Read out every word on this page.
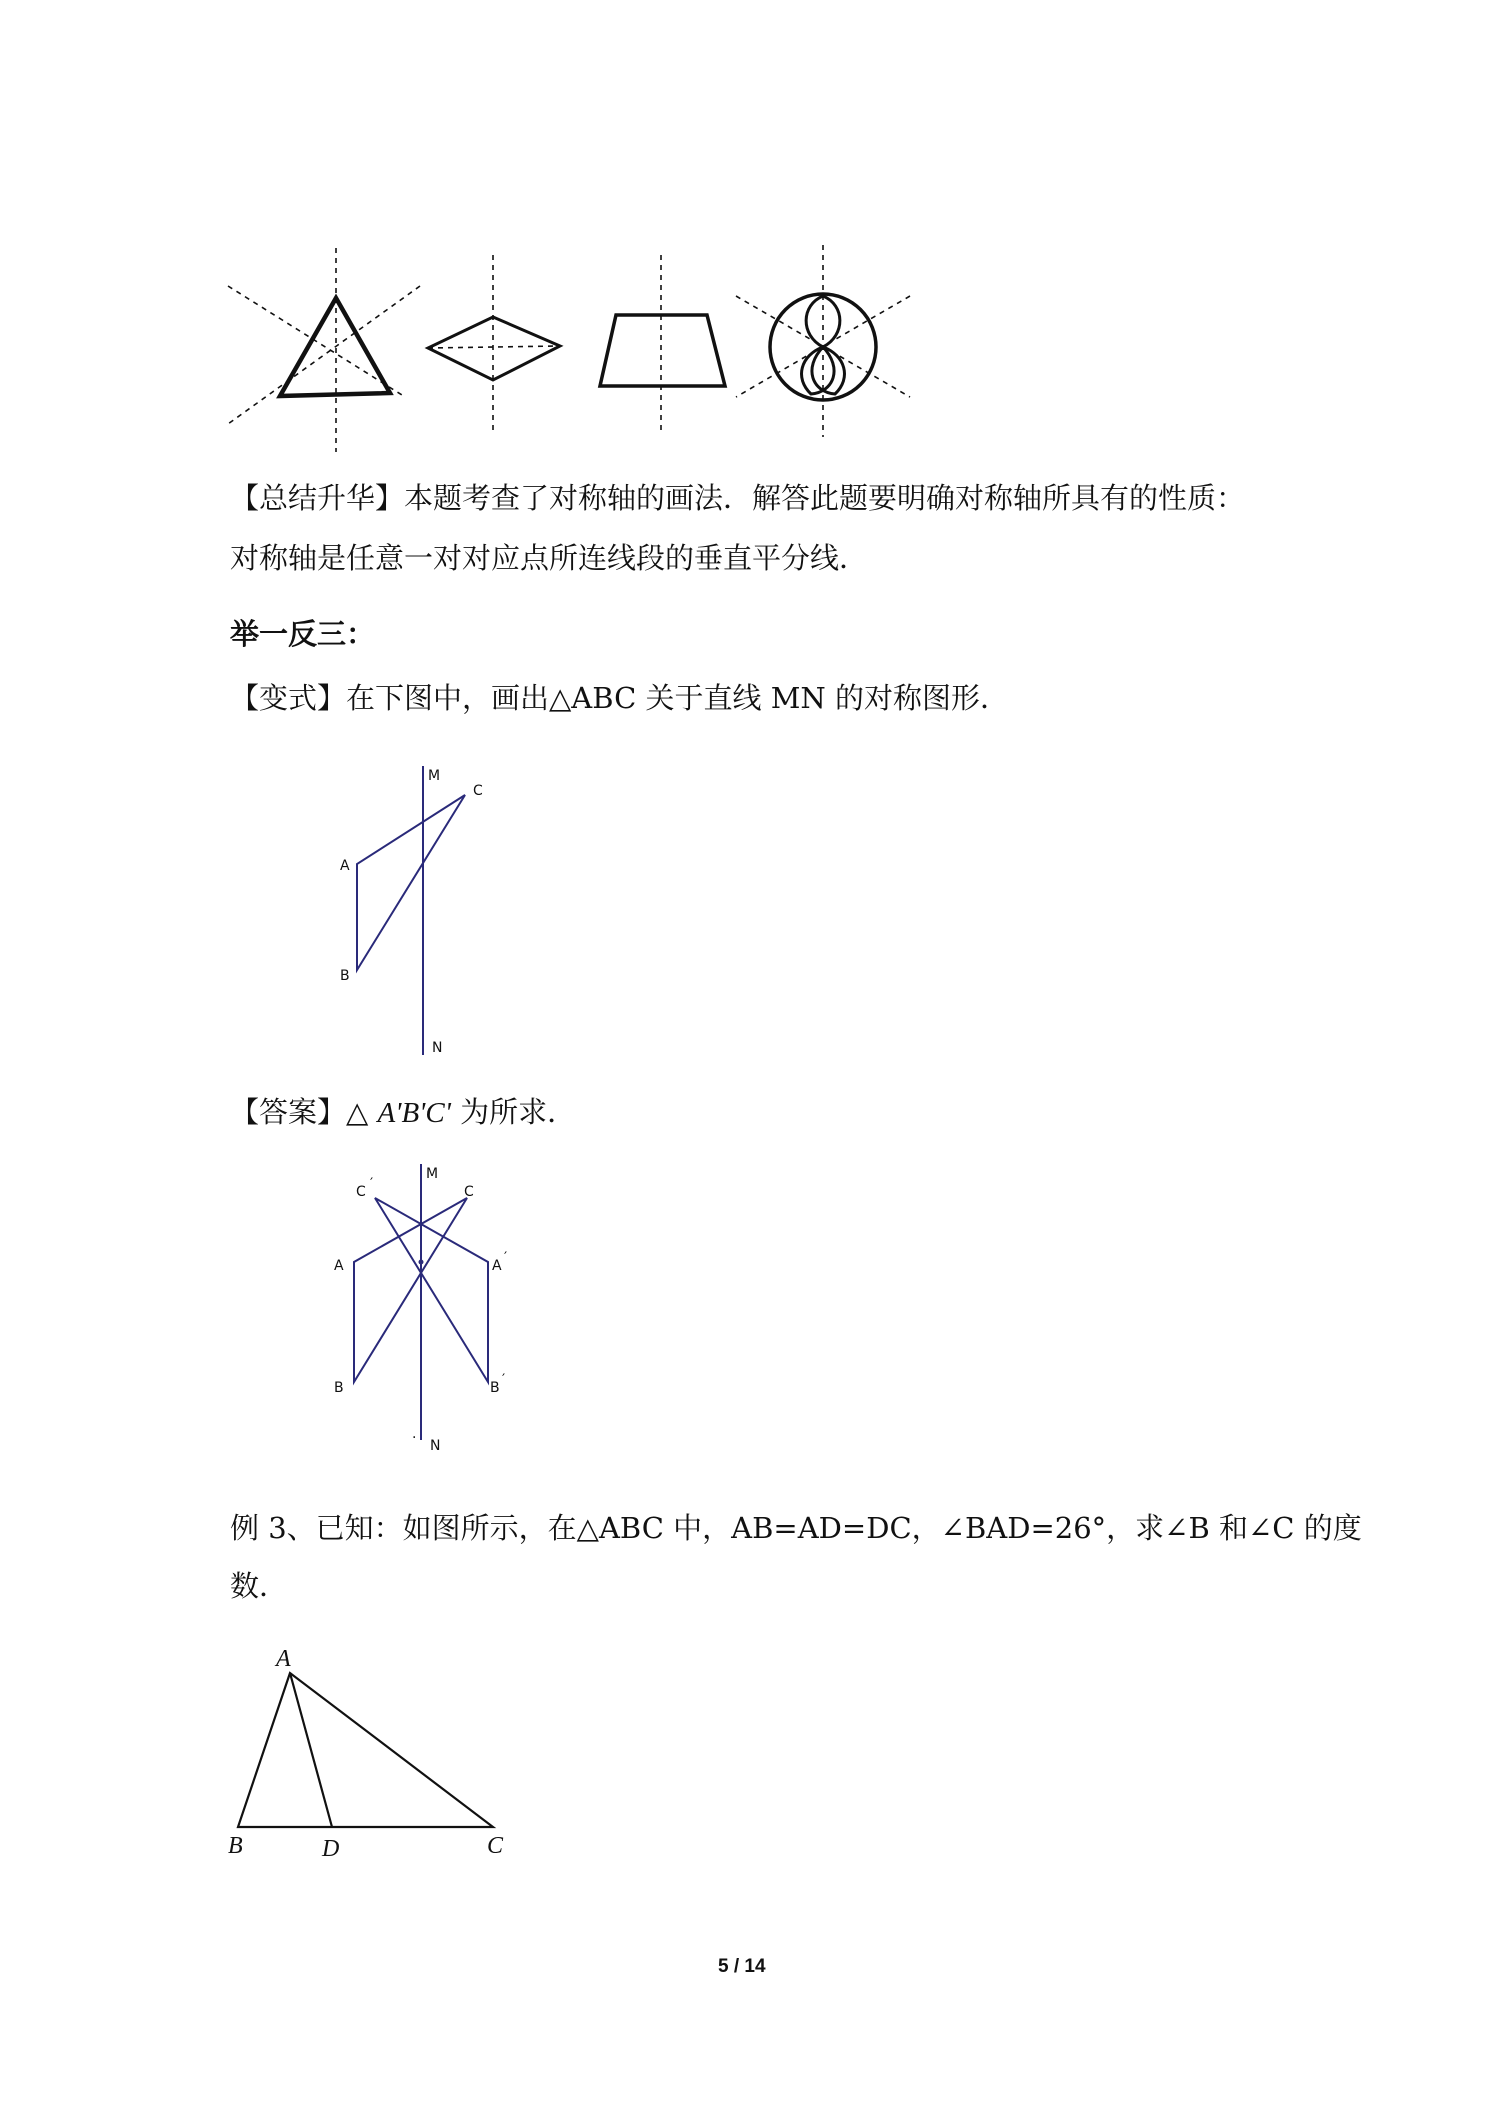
【总结升华】本题考查了对称轴的画法．解答此题要明确对称轴所具有的性质：
对称轴是任意一对对应点所连线段的垂直平分线．
举一反三：
【变式】在下图中，画出△ABC 关于直线 MN 的对称图形．
M
N
A
B
C
【答案】△ A'B'C' 为所求．
M
N
·
A
B
C
C ′
A ′
B ′
例 3、已知：如图所示，在△ABC 中，AB=AD=DC，∠BAD=26°，求∠B 和∠C 的度
数．
A
B	D	C
5 / 14
